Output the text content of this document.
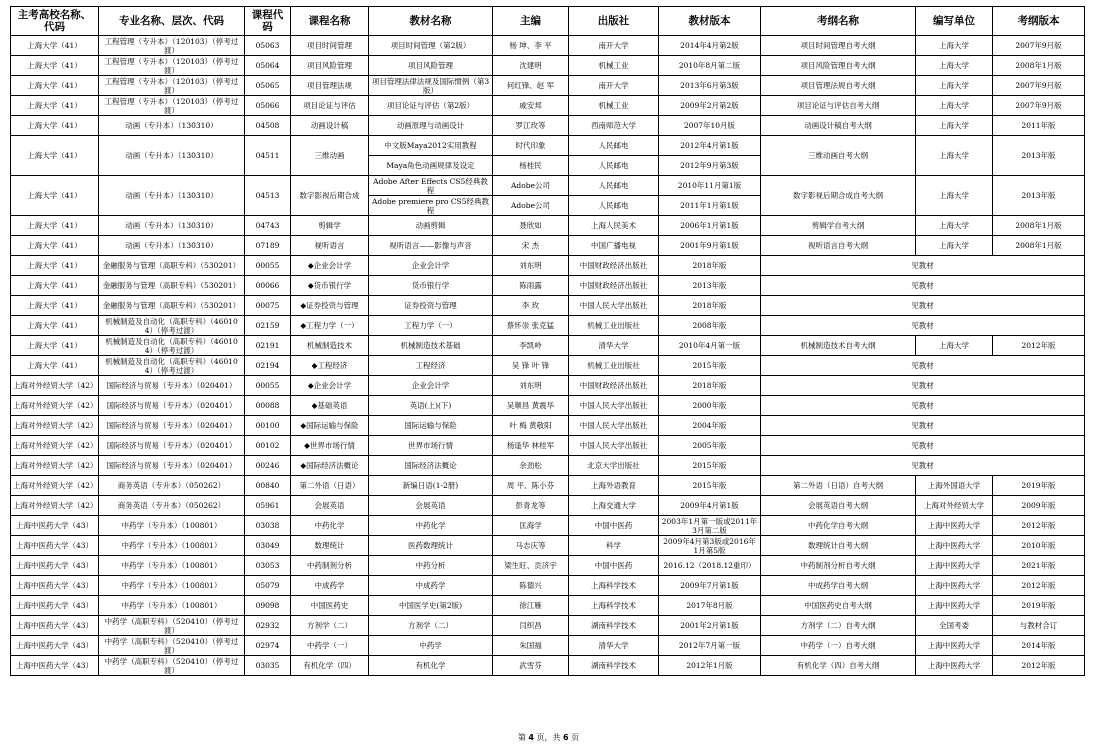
主考高校名称、代码	专业名称、层次、代码	课程代码	课程名称	教材名称	主编	出版社	教材版本	考纲名称	编写单位	考纲版本
上海大学（41）	工程管理（专升本）（120103）（停考过渡）	05063	项目时间管理	项目时间管理（第2版）	杨 坤、李 平	南开大学	2014年4月第2版	项目时间管理自考大纲	上海大学	2007年9月版
上海大学（41）	工程管理（专升本）（120103）（停考过渡）	05064	项目风险管理	项目风险管理	沈建明	机械工业	2010年8月第二版	项目风险管理自考大纲	上海大学	2008年1月版
上海大学（41）	工程管理（专升本）（120103）（停考过渡）	05065	项目管理法规	项目管理法律法规及国际惯例（第3版）	何红锋、赵 军	南开大学	2013年6月第3版	项目管理法规自考大纲	上海大学	2007年9月版
上海大学（41）	工程管理（专升本）（120103）（停考过渡）	05066	项目论证与评估	项目论证与评估（第2版）	戚安邦	机械工业	2009年2月第2版	项目论证与评估自考大纲	上海大学	2007年9月版
上海大学（41）	动画（专升本）（130310）	04508	动画设计稿	动画原理与动画设计	罗江玫等	西南师范大学	2007年10月版	动画设计稿自考大纲	上海大学	2011年版
上海大学（41）	动画（专升本）（130310）	04511	三维动画	中文版Maya2012实用教程	时代印象	人民邮电	2012年4月第1版	三维动画自考大纲	上海大学	2013年版
				Maya角色动画规律及设定	杨桂民	人民邮电	2012年9月第3版			
上海大学（41）	动画（专升本）（130310）	04513	数字影视后期合成	Adobe After Effects CS5经典教程	Adobe公司	人民邮电	2010年11月第1版	数字影视后期合成自考大纲	上海大学	2013年版
				Adobe premiere pro CS5经典教程	Adobe公司	人民邮电	2011年1月第1版			
上海大学（41）	动画（专升本）（130310）	04743	剪辑学	动画剪辑	聂欣如	上海人民美术	2006年1月第1版	剪辑学自考大纲	上海大学	2008年1月版
上海大学（41）	动画（专升本）（130310）	07189	视听语言	视听语言——影像与声音	宋 杰	中国广播电视	2001年9月第1版	视听语言自考大纲	上海大学	2008年1月版
上海大学（41）	金融服务与管理（高职专科）（530201）	00055	◆企业会计学	企业会计学	刘东明	中国财政经济出版社	2018年版	见教材		
上海大学（41）	金融服务与管理（高职专科）（530201）	00066	◆货币银行学	货币银行学	陈雨露	中国财政经济出版社	2013年版	见教材		
上海大学（41）	金融服务与管理（高职专科）（530201）	00075	◆证券投资与管理	证券投资与管理	李 玫	中国人民大学出版社	2018年版	见教材		
上海大学（41）	机械制造及自动化（高职专科）（460104）（停考过渡）	02159	◆工程力学（一）	工程力学（一）	蔡怀崇 张克猛	机械工业出版社	2008年版	见教材		
上海大学（41）	机械制造及自动化（高职专科）（460104）（停考过渡）	02191	机械制造技术	机械制造技术基础	李凯岭	清华大学	2010年4月第一版	机械制造技术自考大纲	上海大学	2012年版
上海大学（41）	机械制造及自动化（高职专科）（460104）（停考过渡）	02194	◆工程经济	工程经济	吴 锋 叶 锋	机械工业出版社	2015年版	见教材		
上海对外经贸大学（42）	国际经济与贸易（专升本）（020401）	00055	◆企业会计学	企业会计学	刘东明	中国财政经济出版社	2018年版	见教材		
上海对外经贸大学（42）	国际经济与贸易（专升本）（020401）	00088	◆基础英语	英语(上)(下)	吴顺昌 黄震华	中国人民大学出版社	2000年版	见教材		
上海对外经贸大学（42）	国际经济与贸易（专升本）（020401）	00100	◆国际运输与保险	国际运输与保险	叶 梅 黄敬阳	中国人民大学出版社	2004年版	见教材		
上海对外经贸大学（42）	国际经济与贸易（专升本）（020401）	00102	◆世界市场行情	世界市场行情	杨逢华 林桂军	中国人民大学出版社	2005年版	见教材		
上海对外经贸大学（42）	国际经济与贸易（专升本）（020401）	00246	◆国际经济法概论	国际经济法概论	余劲松	北京大学出版社	2015年版	见教材		
上海对外经贸大学（42）	商务英语（专升本）（050262）	00840	第二外语（日语）	新编日语(1-2册)	周 平、陈小芬	上海外语教育	2015年版	第二外语（日语）自考大纲	上海外国语大学	2019年版
上海对外经贸大学（42）	商务英语（专升本）（050262）	05961	会展英语	会展英语	彭青龙等	上海交通大学	2009年4月第1版	会展英语自考大纲	上海对外经贸大学	2009年版
上海中医药大学（43）	中药学（专升本）（100801）	03038	中药化学	中药化学	匡海学	中国中医药	2003年1月第一版或2011年3月第二版	中药化学自考大纲	上海中医药大学	2012年版
上海中医药大学（43）	中药学（专升本）（100801）	03049	数理统计	医药数理统计	马志庆等	科学	2009年4月第3版或2016年1月第5版	数理统计自考大纲	上海中医药大学	2010年版
上海中医药大学（43）	中药学（专升本）（100801）	03053	中药制剂分析	中药分析	梁生旺、贡济宇	中国中医药	2016.12（2018.12重印）	中药制剂分析自考大纲	上海中医药大学	2021年版
上海中医药大学（43）	中药学（专升本）（100801）	05079	中成药学	中成药学	陈德兴	上海科学技术	2009年7月第1版	中成药学自考大纲	上海中医药大学	2012年版
上海中医药大学（43）	中药学（专升本）（100801）	09098	中国医药史	中国医学史(第2版)	徐江雁	上海科学技术	2017年8月版	中国医药史自考大纲	上海中医药大学	2019年版
上海中医药大学（43）	中药学（高职专科）（520410）（停考过渡）	02932	方剂学（二）	方剂学（二）	闫织昌	湖南科学技术	2001年2月第1版	方剂学（二）自考大纲	全国考委	与教材合订
上海中医药大学（43）	中药学（高职专科）（520410）（停考过渡）	02974	中药学（一）	中药学	朱国福	清华大学	2012年7月第一版	中药学（一）自考大纲	上海中医药大学	2014年版
上海中医药大学（43）	中药学（高职专科）（520410）（停考过渡）	03035	有机化学（四）	有机化学	武雪芬	湖南科学技术	2012年1月版	有机化学（四）自考大纲	上海中医药大学	2012年版
第 4 页，共 6 页
